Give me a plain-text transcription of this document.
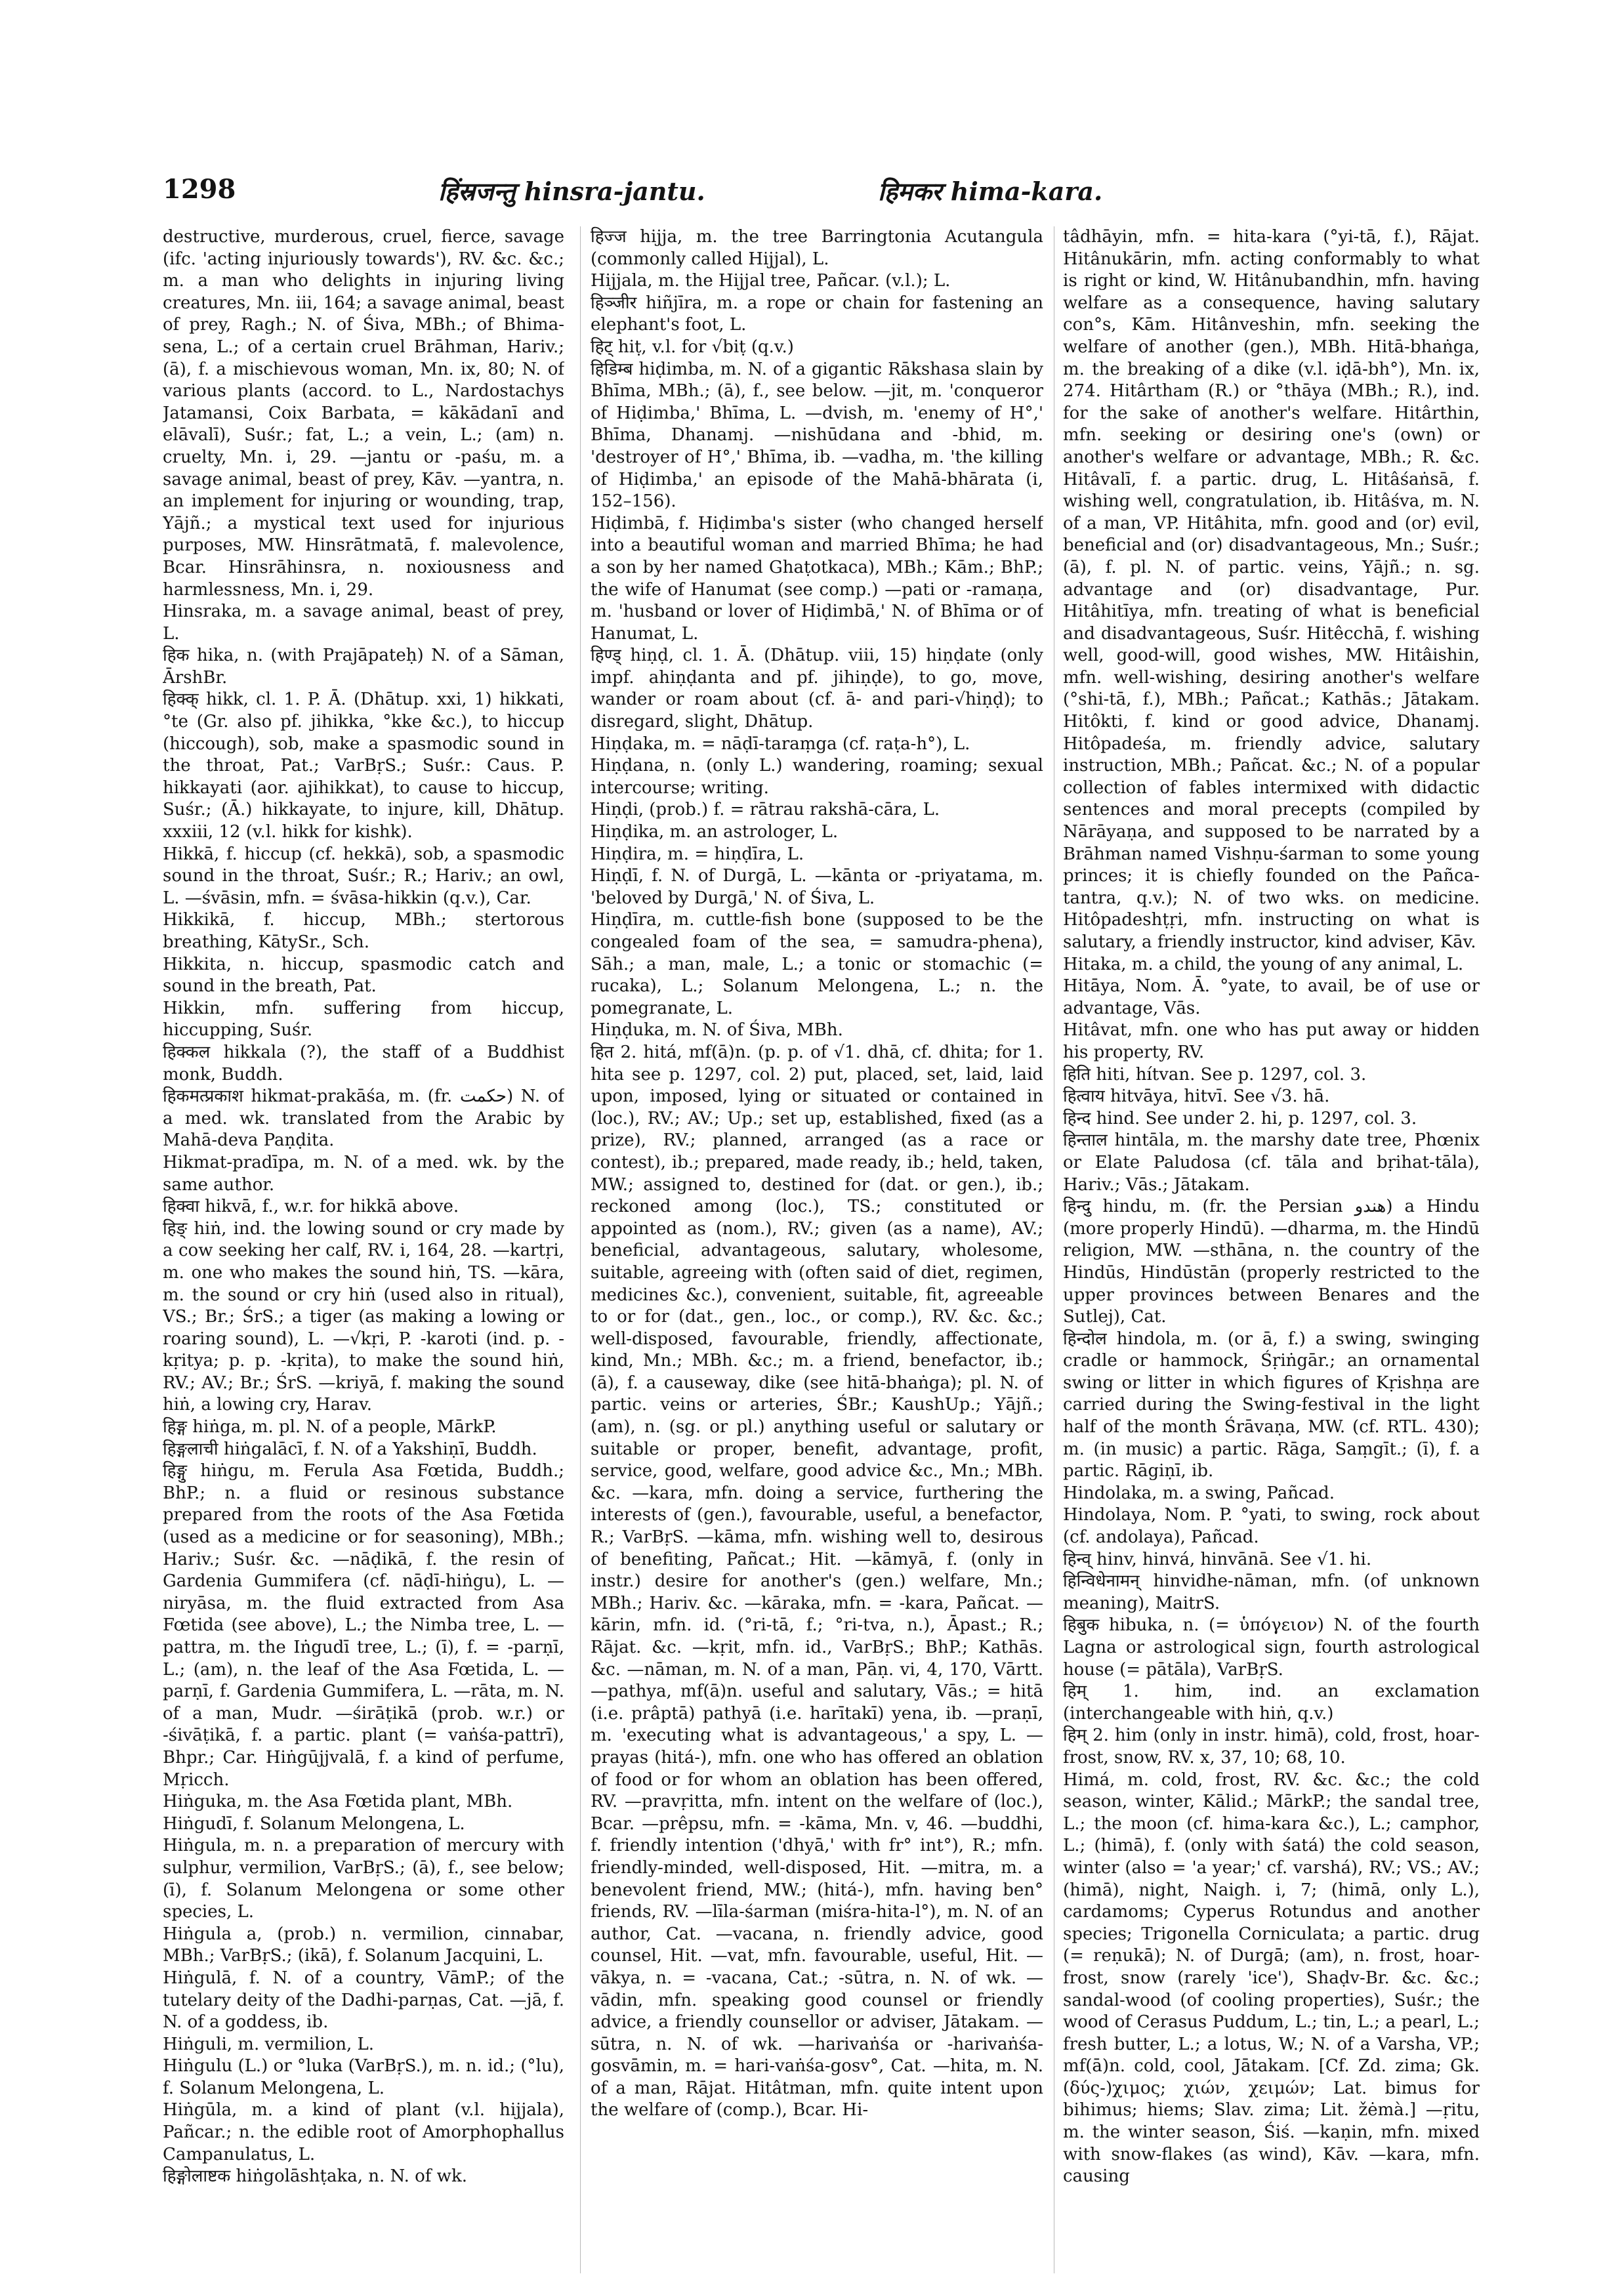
1298	हिंस्रजन्तु hinsra-jantu.	हिमकर hima-kara.

destructive, murderous, cruel, fierce, savage (ifc. 'acting injuriously towards'), RV. &c. &c.; m. a man who delights in injuring living creatures, Mn. iii, 164; a savage animal, beast of prey, Ragh.; N. of Śiva, MBh.; of Bhima-sena, L.; of a certain cruel Brāhman, Hariv.; (ā), f. a mischievous woman, Mn. ix, 80; N. of various plants (accord. to L., Nardostachys Jatamansi, Coix Barbata, = kākādanī and elāvalī), Suśr.; fat, L.; a vein, L.; (am) n. cruelty, Mn. i, 29. —jantu or -paśu, m. a savage animal, beast of prey, Kāv. —yantra, n. an implement for injuring or wounding, trap, Yājñ.; a mystical text used for injurious purposes, MW. Hinsrātmatā, f. malevolence, Bcar. Hinsrāhinsra, n. noxiousness and harmlessness, Mn. i, 29.

Hinsraka, m. a savage animal, beast of prey, L.

हिक hika, n. (with Prajāpateḥ) N. of a Sāman, ĀrshBr.

हिक्क् hikk, cl. 1. P. Ā. (Dhātup. xxi, 1) hikkati, °te (Gr. also pf. jihikka, °kke &c.), to hiccup (hiccough), sob, make a spasmodic sound in the throat, Pat.; VarBṛS.; Suśr.: Caus. P. hikkayati (aor. ajihikkat), to cause to hiccup, Suśr.; (Ā.) hikkayate, to injure, kill, Dhātup. xxxiii, 12 (v.l. hikk for kishk).

Hikkā, f. hiccup (cf. hekkā), sob, a spasmodic sound in the throat, Suśr.; R.; Hariv.; an owl, L. —śvāsin, mfn. = śvāsa-hikkin (q.v.), Car.

Hikkikā, f. hiccup, MBh.; stertorous breathing, KātySr., Sch.

Hikkita, n. hiccup, spasmodic catch and sound in the breath, Pat.

Hikkin, mfn. suffering from hiccup, hiccupping, Suśr.

हिक्कल hikkala (?), the staff of a Buddhist monk, Buddh.

हिकमत्प्रकाश hikmat-prakāśa, m. (fr. حكمت) N. of a med. wk. translated from the Arabic by Mahā-deva Paṇḍita.

Hikmat-pradīpa, m. N. of a med. wk. by the same author.

हिक्वा hikvā, f., w.r. for hikkā above.

हिङ् hiṅ, ind. the lowing sound or cry made by a cow seeking her calf, RV. i, 164, 28. —kartṛi, m. one who makes the sound hiṅ, TS. —kāra, m. the sound or cry hiṅ (used also in ritual), VS.; Br.; ŚrS.; a tiger (as making a lowing or roaring sound), L. —√kṛi, P. -karoti (ind. p. -kṛitya; p. p. -kṛita), to make the sound hiṅ, RV.; AV.; Br.; ŚrS. —kriyā, f. making the sound hiṅ, a lowing cry, Harav.

हिङ्ग hiṅga, m. pl. N. of a people, MārkP.

हिङ्गलाची hiṅgalācī, f. N. of a Yakshiṇī, Buddh.

हिङ्गु hiṅgu, m. Ferula Asa Fœtida, Buddh.; BhP.; n. a fluid or resinous substance prepared from the roots of the Asa Fœtida (used as a medicine or for seasoning), MBh.; Hariv.; Suśr. &c. —nāḍikā, f. the resin of Gardenia Gummifera (cf. nāḍī-hiṅgu), L. —niryāsa, m. the fluid extracted from Asa Fœtida (see above), L.; the Nimba tree, L. —pattra, m. the Iṅgudī tree, L.; (ī), f. = -parṇī, L.; (am), n. the leaf of the Asa Fœtida, L. —parṇī, f. Gardenia Gummifera, L. —rāta, m. N. of a man, Mudr. —śirāṭikā (prob. w.r.) or -śivāṭikā, f. a partic. plant (= vaṅśa-pattrī), Bhpr.; Car. Hiṅgūjjvalā, f. a kind of perfume, Mṛicch.

Hiṅguka, m. the Asa Fœtida plant, MBh.

Hiṅgudī, f. Solanum Melongena, L.

Hiṅgula, m. n. a preparation of mercury with sulphur, vermilion, VarBṛS.; (ā), f., see below; (ī), f. Solanum Melongena or some other species, L.

Hiṅgula a, (prob.) n. vermilion, cinnabar, MBh.; VarBṛS.; (ikā), f. Solanum Jacquini, L.

Hiṅgulā, f. N. of a country, VāmP.; of the tutelary deity of the Dadhi-parṇas, Cat. —jā, f. N. of a goddess, ib.

Hiṅguli, m. vermilion, L.

Hiṅgulu (L.) or °luka (VarBṛS.), m. n. id.; (°lu), f. Solanum Melongena, L.

Hiṅgūla, m. a kind of plant (v.l. hijjala), Pañcar.; n. the edible root of Amorphophallus Campanulatus, L.

हिङ्गोलाष्टक hiṅgolāshṭaka, n. N. of wk.

हिज्ज hijja, m. the tree Barringtonia Acutangula (commonly called Hijjal), L.

Hijjala, m. the Hijjal tree, Pañcar. (v.l.); L.

हिञ्जीर hiñjīra, m. a rope or chain for fastening an elephant's foot, L.

हिट् hiṭ, v.l. for √biṭ (q.v.)

हिडिम्ब hiḍimba, m. N. of a gigantic Rākshasa slain by Bhīma, MBh.; (ā), f., see below. —jit, m. 'conqueror of Hiḍimba,' Bhīma, L. —dvish, m. 'enemy of H°,' Bhīma, Dhanamj. —nishūdana and -bhid, m. 'destroyer of H°,' Bhīma, ib. —vadha, m. 'the killing of Hiḍimba,' an episode of the Mahā-bhārata (i, 152–156).

Hiḍimbā, f. Hiḍimba's sister (who changed herself into a beautiful woman and married Bhīma; he had a son by her named Ghaṭotkaca), MBh.; Kām.; BhP.; the wife of Hanumat (see comp.) —pati or -ramaṇa, m. 'husband or lover of Hiḍimbā,' N. of Bhīma or of Hanumat, L.

हिण्ड् hiṇḍ, cl. 1. Ā. (Dhātup. viii, 15) hiṇḍate (only impf. ahiṇḍanta and pf. jihiṇḍe), to go, move, wander or roam about (cf. ā- and pari-√hiṇḍ); to disregard, slight, Dhātup.

Hiṇḍaka, m. = nāḍī-taraṃga (cf. raṭa-h°), L.

Hiṇḍana, n. (only L.) wandering, roaming; sexual intercourse; writing.

Hiṇḍi, (prob.) f. = rātrau rakshā-cāra, L.

Hiṇḍika, m. an astrologer, L.

Hiṇḍira, m. = hiṇḍīra, L.

Hiṇḍī, f. N. of Durgā, L. —kānta or -priyatama, m. 'beloved by Durgā,' N. of Śiva, L.

Hiṇḍīra, m. cuttle-fish bone (supposed to be the congealed foam of the sea, = samudra-phena), Sāh.; a man, male, L.; a tonic or stomachic (= rucaka), L.; Solanum Melongena, L.; n. the pomegranate, L.

Hiṇḍuka, m. N. of Śiva, MBh.

हित 2. hitá, mf(ā)n. (p. p. of √1. dhā, cf. dhita; for 1. hita see p. 1297, col. 2) put, placed, set, laid, laid upon, imposed, lying or situated or contained in (loc.), RV.; AV.; Up.; set up, established, fixed (as a prize), RV.; planned, arranged (as a race or contest), ib.; prepared, made ready, ib.; held, taken, MW.; assigned to, destined for (dat. or gen.), ib.; reckoned among (loc.), TS.; constituted or appointed as (nom.), RV.; given (as a name), AV.; beneficial, advantageous, salutary, wholesome, suitable, agreeing with (often said of diet, regimen, medicines &c.), convenient, suitable, fit, agreeable to or for (dat., gen., loc., or comp.), RV. &c. &c.; well-disposed, favourable, friendly, affectionate, kind, Mn.; MBh. &c.; m. a friend, benefactor, ib.; (ā), f. a causeway, dike (see hitā-bhaṅga); pl. N. of partic. veins or arteries, ŚBr.; KaushUp.; Yājñ.; (am), n. (sg. or pl.) anything useful or salutary or suitable or proper, benefit, advantage, profit, service, good, welfare, good advice &c., Mn.; MBh. &c. —kara, mfn. doing a service, furthering the interests of (gen.), favourable, useful, a benefactor, R.; VarBṛS. —kāma, mfn. wishing well to, desirous of benefiting, Pañcat.; Hit. —kāmyā, f. (only in instr.) desire for another's (gen.) welfare, Mn.; MBh.; Hariv. &c. —kāraka, mfn. = -kara, Pañcat. —kārin, mfn. id. (°ri-tā, f.; °ri-tva, n.), Āpast.; R.; Rājat. &c. —kṛit, mfn. id., VarBṛS.; BhP.; Kathās. &c. —nāman, m. N. of a man, Pāṇ. vi, 4, 170, Vārtt. —pathya, mf(ā)n. useful and salutary, Vās.; = hitā (i.e. prâptā) pathyā (i.e. harītakī) yena, ib. —praṇī, m. 'executing what is advantageous,' a spy, L. —prayas (hitá-), mfn. one who has offered an oblation of food or for whom an oblation has been offered, RV. —pravṛitta, mfn. intent on the welfare of (loc.), Bcar. —prêpsu, mfn. = -kāma, Mn. v, 46. —buddhi, f. friendly intention ('dhyā,' with fr° int°), R.; mfn. friendly-minded, well-disposed, Hit. —mitra, m. a benevolent friend, MW.; (hitá-), mfn. having ben° friends, RV. —līla-śarman (miśra-hita-l°), m. N. of an author, Cat. —vacana, n. friendly advice, good counsel, Hit. —vat, mfn. favourable, useful, Hit. —vākya, n. = -vacana, Cat.; -sūtra, n. N. of wk. —vādin, mfn. speaking good counsel or friendly advice, a friendly counsellor or adviser, Jātakam. —sūtra, n. N. of wk. —harivaṅśa or -harivaṅśa-gosvāmin, m. = hari-vaṅśa-gosv°, Cat. —hita, m. N. of a man, Rājat. Hitâtman, mfn. quite intent upon the welfare of (comp.), Bcar. Hi-

tâdhāyin, mfn. = hita-kara (°yi-tā, f.), Rājat. Hitânukārin, mfn. acting conformably to what is right or kind, W. Hitânubandhin, mfn. having welfare as a consequence, having salutary con°s, Kām. Hitânveshin, mfn. seeking the welfare of another (gen.), MBh. Hitā-bhaṅga, m. the breaking of a dike (v.l. iḍā-bh°), Mn. ix, 274. Hitârtham (R.) or °thāya (MBh.; R.), ind. for the sake of another's welfare. Hitârthin, mfn. seeking or desiring one's (own) or another's welfare or advantage, MBh.; R. &c. Hitâvalī, f. a partic. drug, L. Hitâśaṅsā, f. wishing well, congratulation, ib. Hitâśva, m. N. of a man, VP. Hitâhita, mfn. good and (or) evil, beneficial and (or) disadvantageous, Mn.; Suśr.; (ā), f. pl. N. of partic. veins, Yājñ.; n. sg. advantage and (or) disadvantage, Pur. Hitâhitīya, mfn. treating of what is beneficial and disadvantageous, Suśr. Hitêcchā, f. wishing well, good-will, good wishes, MW. Hitâishin, mfn. well-wishing, desiring another's welfare (°shi-tā, f.), MBh.; Pañcat.; Kathās.; Jātakam. Hitôkti, f. kind or good advice, Dhanamj. Hitôpadeśa, m. friendly advice, salutary instruction, MBh.; Pañcat. &c.; N. of a popular collection of fables intermixed with didactic sentences and moral precepts (compiled by Nārāyaṇa, and supposed to be narrated by a Brāhman named Vishṇu-śarman to some young princes; it is chiefly founded on the Pañca-tantra, q.v.); N. of two wks. on medicine. Hitôpadeshṭṛi, mfn. instructing on what is salutary, a friendly instructor, kind adviser, Kāv.

Hitaka, m. a child, the young of any animal, L.

Hitāya, Nom. Ā. °yate, to avail, be of use or advantage, Vās.

Hitâvat, mfn. one who has put away or hidden his property, RV.

हिति hiti, hítvan. See p. 1297, col. 3.

हित्वाय hitvāya, hitvī. See √3. hā.

हिन्द hind. See under 2. hi, p. 1297, col. 3.

हिन्ताल hintāla, m. the marshy date tree, Phœnix or Elate Paludosa (cf. tāla and bṛihat-tāla), Hariv.; Vās.; Jātakam.

हिन्दु hindu, m. (fr. the Persian هندو) a Hindu (more properly Hindū). —dharma, m. the Hindū religion, MW. —sthāna, n. the country of the Hindūs, Hindūstān (properly restricted to the upper provinces between Benares and the Sutlej), Cat.

हिन्दोल hindola, m. (or ā, f.) a swing, swinging cradle or hammock, Śṛiṅgār.; an ornamental swing or litter in which figures of Kṛishṇa are carried during the Swing-festival in the light half of the month Śrāvaṇa, MW. (cf. RTL. 430); m. (in music) a partic. Rāga, Saṃgīt.; (ī), f. a partic. Rāgiṇī, ib.

Hindolaka, m. a swing, Pañcad.

Hindolaya, Nom. P. °yati, to swing, rock about (cf. andolaya), Pañcad.

हिन्व् hinv, hinvá, hinvānā. See √1. hi.

हिन्विधेनामन् hinvidhe-nāman, mfn. (of unknown meaning), MaitrS.

हिबुक hibuka, n. (= ὑπόγειον) N. of the fourth Lagna or astrological sign, fourth astrological house (= pātāla), VarBṛS.

हिम् 1. him, ind. an exclamation (interchangeable with hiṅ, q.v.)

हिम् 2. him (only in instr. himā), cold, frost, hoar-frost, snow, RV. x, 37, 10; 68, 10.

Himá, m. cold, frost, RV. &c. &c.; the cold season, winter, Kālid.; MārkP.; the sandal tree, L.; the moon (cf. hima-kara &c.), L.; camphor, L.; (himā), f. (only with śatá) the cold season, winter (also = 'a year;' cf. varshá), RV.; VS.; AV.; (himā), night, Naigh. i, 7; (himā, only L.), cardamoms; Cyperus Rotundus and another species; Trigonella Corniculata; a partic. drug (= reṇukā); N. of Durgā; (am), n. frost, hoar-frost, snow (rarely 'ice'), Shaḍv-Br. &c. &c.; sandal-wood (of cooling properties), Suśr.; the wood of Cerasus Puddum, L.; tin, L.; a pearl, L.; fresh butter, L.; a lotus, W.; N. of a Varsha, VP.; mf(ā)n. cold, cool, Jātakam. [Cf. Zd. zima; Gk. (δύς-)χιμος; χιών, χειμών; Lat. bimus for bihimus; hiems; Slav. zima; Lit. žėmà.] —ṛitu, m. the winter season, Śiś. —kaṇin, mfn. mixed with snow-flakes (as wind), Kāv. —kara, mfn. causing
